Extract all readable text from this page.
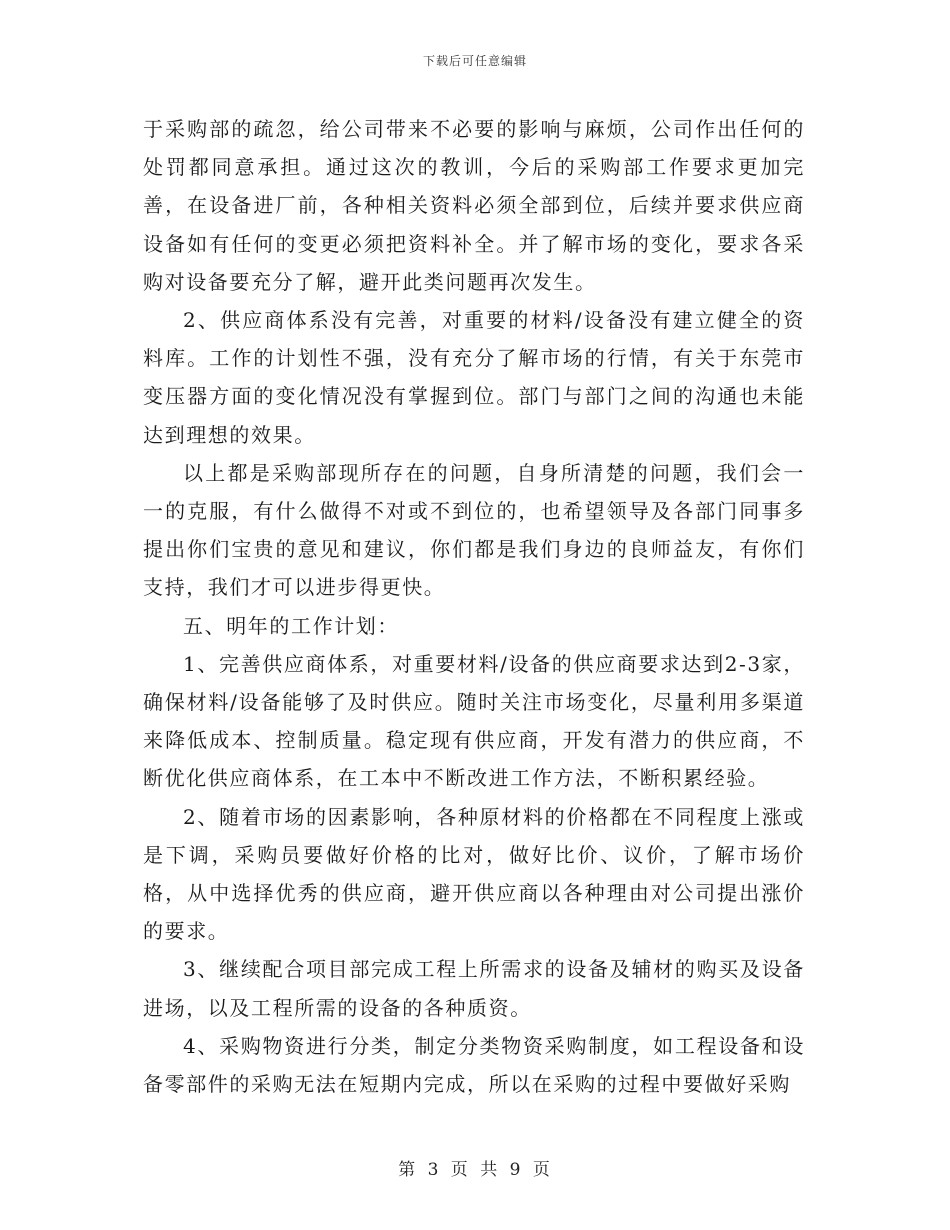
下载后可任意编辑

于采购部的疏忽，给公司带来不必要的影响与麻烦，公司作出任何的处罚都同意承担。通过这次的教训，今后的采购部工作要求更加完善，在设备进厂前，各种相关资料必须全部到位，后续并要求供应商设备如有任何的变更必须把资料补全。并了解市场的变化，要求各采购对设备要充分了解，避开此类问题再次发生。

2、供应商体系没有完善，对重要的材料/设备没有建立健全的资料库。工作的计划性不强，没有充分了解市场的行情，有关于东莞市变压器方面的变化情况没有掌握到位。部门与部门之间的沟通也未能达到理想的效果。

以上都是采购部现所存在的问题，自身所清楚的问题，我们会一一的克服，有什么做得不对或不到位的，也希望领导及各部门同事多提出你们宝贵的意见和建议，你们都是我们身边的良师益友，有你们支持，我们才可以进步得更快。

五、明年的工作计划：

1、完善供应商体系，对重要材料/设备的供应商要求达到2-3家，确保材料/设备能够了及时供应。随时关注市场变化，尽量利用多渠道来降低成本、控制质量。稳定现有供应商，开发有潜力的供应商，不断优化供应商体系，在工本中不断改进工作方法，不断积累经验。

2、随着市场的因素影响，各种原材料的价格都在不同程度上涨或是下调，采购员要做好价格的比对，做好比价、议价，了解市场价格，从中选择优秀的供应商，避开供应商以各种理由对公司提出涨价的要求。

3、继续配合项目部完成工程上所需求的设备及辅材的购买及设备进场，以及工程所需的设备的各种质资。

4、采购物资进行分类，制定分类物资采购制度，如工程设备和设备零部件的采购无法在短期内完成，所以在采购的过程中要做好采购

第 3 页 共 9 页
